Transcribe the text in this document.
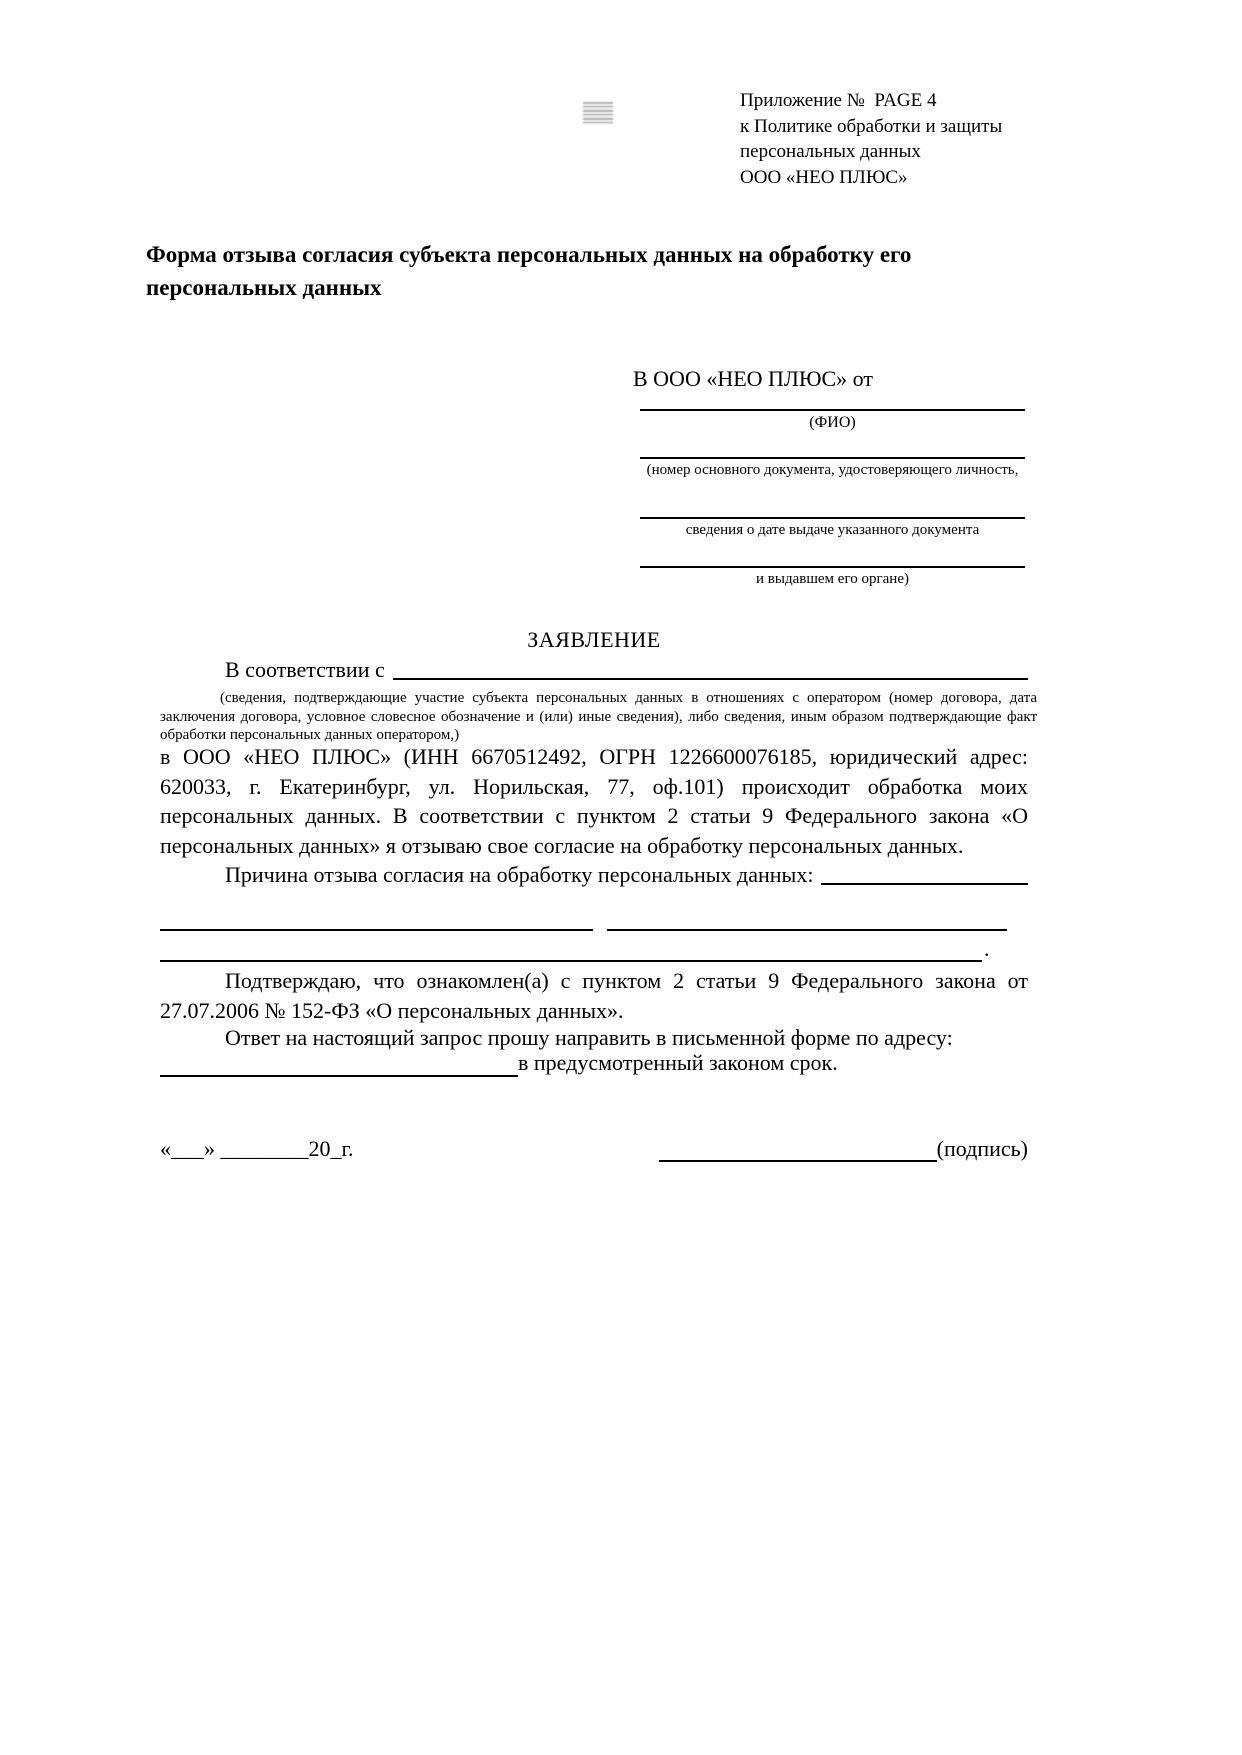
Приложение №  PAGE 4
к Политике обработки и защиты
персональных данных
ООО «НЕО ПЛЮС»
Форма отзыва согласия субъекта персональных данных на обработку его персональных данных
В ООО «НЕО ПЛЮС» от
(ФИО)
(номер основного документа, удостоверяющего личность,
сведения о дате выдаче указанного документа
и выдавшем его органе)
ЗАЯВЛЕНИЕ
В соответствии с
(сведения, подтверждающие участие субъекта персональных данных в отношениях с оператором (номер договора, дата заключения договора, условное словесное обозначение и (или) иные сведения), либо сведения, иным образом подтверждающие факт обработки персональных данных оператором,)
в ООО «НЕО ПЛЮС» (ИНН 6670512492, ОГРН 1226600076185, юридический адрес: 620033, г. Екатеринбург, ул. Норильская, 77, оф.101) происходит обработка моих персональных данных. В соответствии с пунктом 2 статьи 9 Федерального закона «О персональных данных» я отзываю свое согласие на обработку персональных данных.
Причина отзыва согласия на обработку персональных данных:
.
Подтверждаю, что ознакомлен(а) с пунктом 2 статьи 9 Федерального закона от 27.07.2006 № 152-ФЗ «О персональных данных».
Ответ на настоящий запрос прошу направить в письменной форме по адресу:
в предусмотренный законом срок.
«___» ________20_г.	(подпись)
